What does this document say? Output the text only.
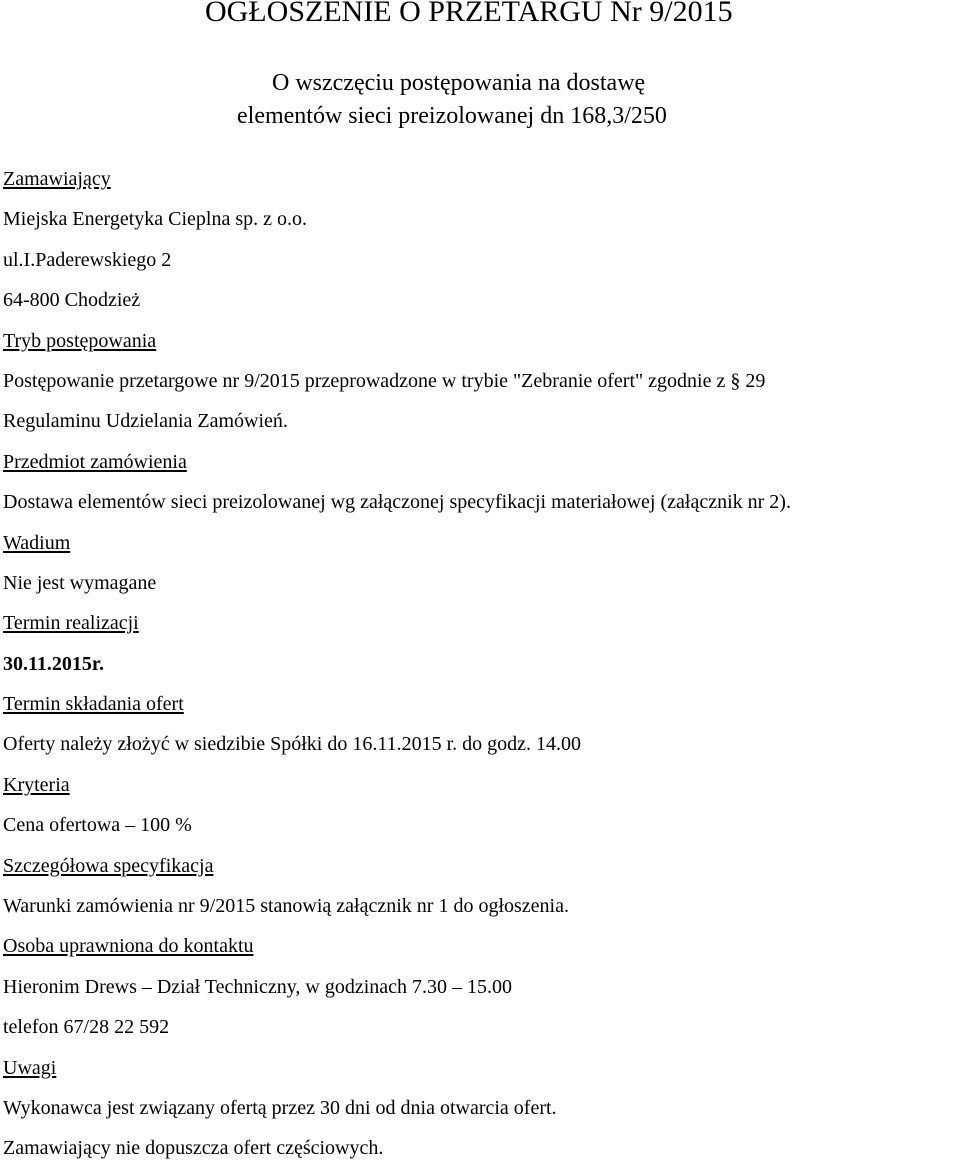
OGŁOSZENIE O PRZETARGU Nr 9/2015
O wszczęciu postępowania na dostawę
elementów sieci preizolowanej dn 168,3/250
Zamawiający
Miejska Energetyka Cieplna sp. z o.o.
ul.I.Paderewskiego 2
64-800 Chodzież
Tryb postępowania
Postępowanie przetargowe nr 9/2015 przeprowadzone w trybie "Zebranie ofert" zgodnie z § 29
Regulaminu Udzielania Zamówień.
Przedmiot zamówienia
Dostawa elementów sieci preizolowanej wg załączonej specyfikacji materiałowej (załącznik nr 2).
Wadium
Nie jest wymagane
Termin realizacji
30.11.2015r.
Termin składania ofert
Oferty należy złożyć w siedzibie Spółki do 16.11.2015 r. do godz. 14.00
Kryteria
Cena ofertowa – 100 %
Szczegółowa specyfikacja
Warunki zamówienia nr 9/2015 stanowią załącznik nr 1 do ogłoszenia.
Osoba uprawniona do kontaktu
Hieronim Drews – Dział Techniczny, w godzinach 7.30 – 15.00
telefon 67/28 22 592
Uwagi
Wykonawca jest związany ofertą przez 30 dni od dnia otwarcia ofert.
Zamawiający nie dopuszcza ofert częściowych.
